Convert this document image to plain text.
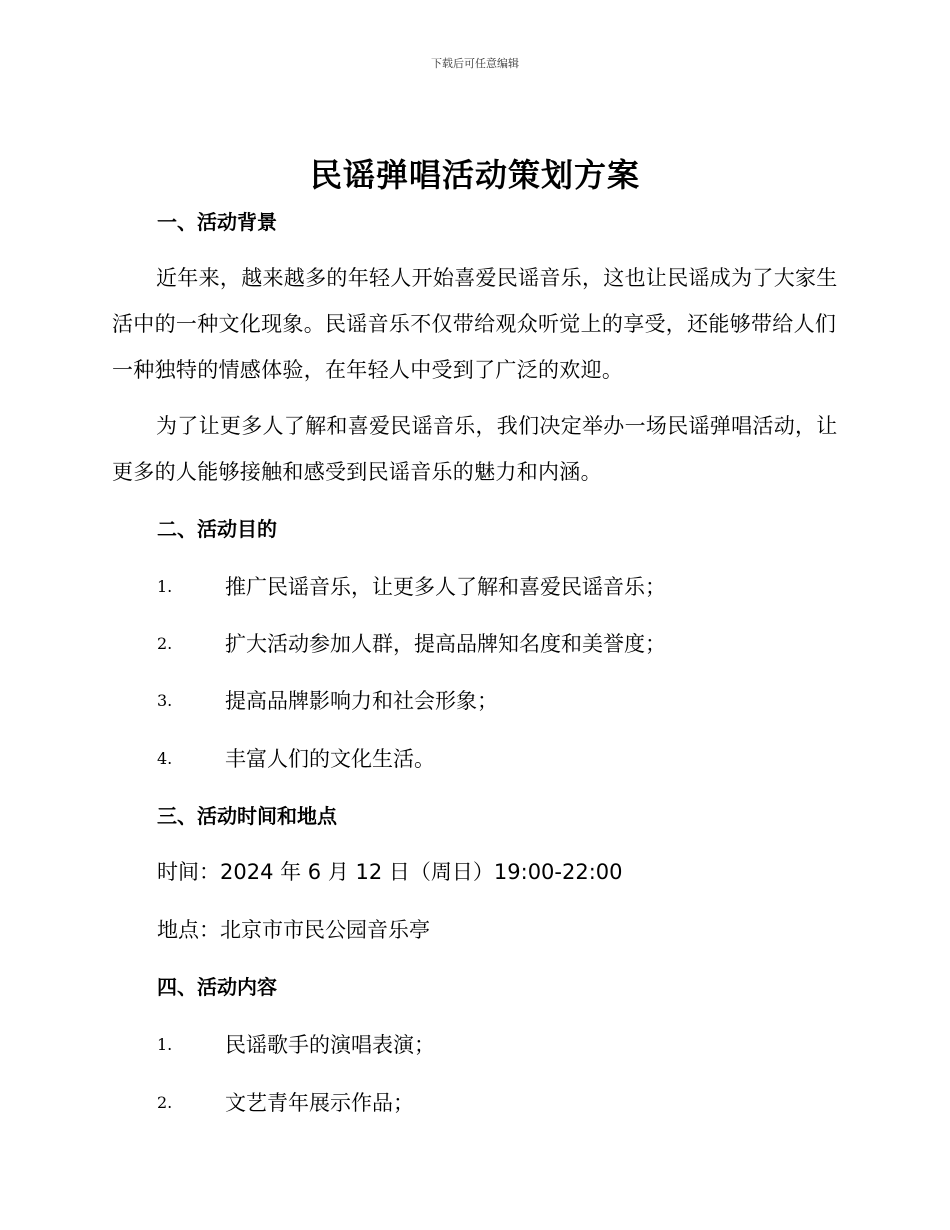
下载后可任意编辑
民谣弹唱活动策划方案
一、活动背景
近年来，越来越多的年轻人开始喜爱民谣音乐，这也让民谣成为了大家生活中的一种文化现象。民谣音乐不仅带给观众听觉上的享受，还能够带给人们一种独特的情感体验，在年轻人中受到了广泛的欢迎。
为了让更多人了解和喜爱民谣音乐，我们决定举办一场民谣弹唱活动，让更多的人能够接触和感受到民谣音乐的魅力和内涵。
二、活动目的
1.	推广民谣音乐，让更多人了解和喜爱民谣音乐；
2.	扩大活动参加人群，提高品牌知名度和美誉度；
3.	提高品牌影响力和社会形象；
4.	丰富人们的文化生活。
三、活动时间和地点
时间：2024 年 6 月 12 日（周日）19:00-22:00
地点：北京市市民公园音乐亭
四、活动内容
1.	民谣歌手的演唱表演；
2.	文艺青年展示作品；
